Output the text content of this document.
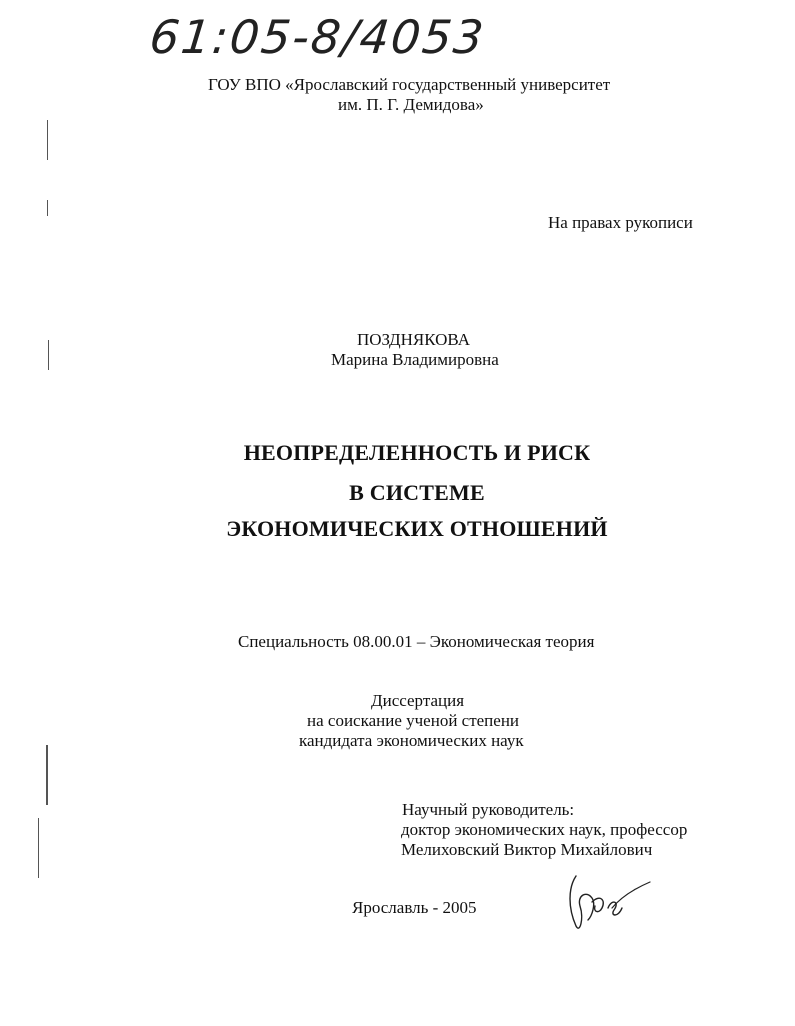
61:05-8/4053
ГОУ ВПО «Ярославский государственный университет
им. П. Г. Демидова»
На правах рукописи
ПОЗДНЯКОВА
Марина Владимировна
НЕОПРЕДЕЛЕННОСТЬ И РИСК
В СИСТЕМЕ
ЭКОНОМИЧЕСКИХ ОТНОШЕНИЙ
Специальность 08.00.01 – Экономическая теория
Диссертация
на соискание ученой степени
кандидата экономических наук
Научный руководитель:
доктор экономических наук, профессор
Мелиховский Виктор Михайлович
Ярославль - 2005
